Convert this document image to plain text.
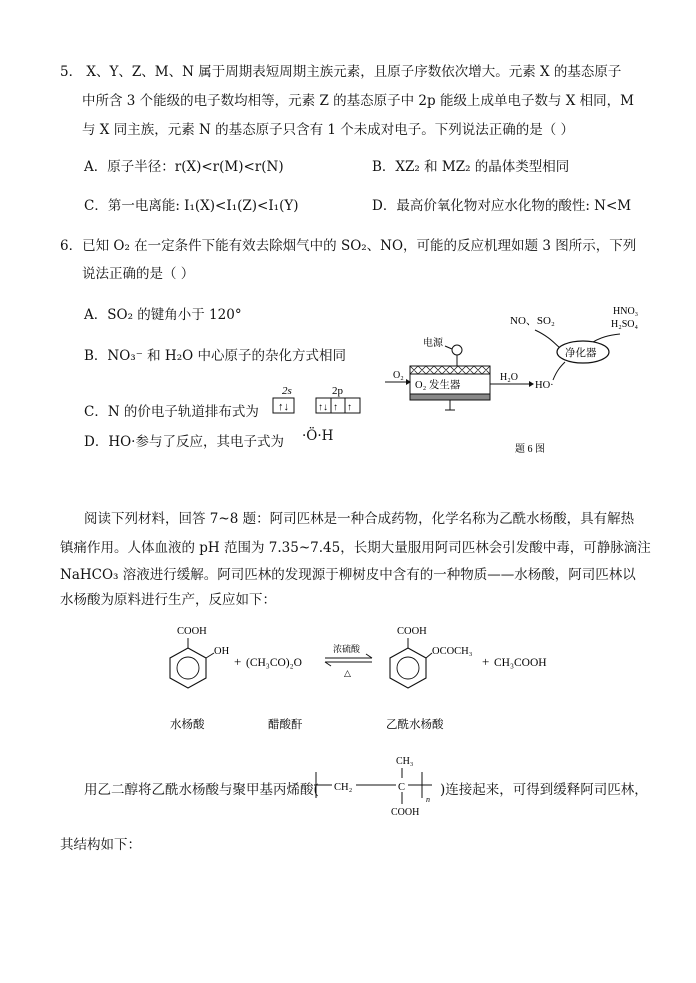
5． X、Y、Z、M、N 属于周期表短周期主族元素，且原子序数依次增大。元素 X 的基态原子
中所含 3 个能级的电子数均相等，元素 Z 的基态原子中 2p 能级上成单电子数与 X 相同，M
与 X 同主族，元素 N 的基态原子只含有 1 个未成对电子。下列说法正确的是（ ）
A．原子半径：r(X)<r(M)<r(N)	B．XZ₂ 和 MZ₂ 的晶体类型相同
C．第一电离能: I₁(X)<I₁(Z)<I₁(Y)	D．最高价氧化物对应水化物的酸性: N<M
6．已知 O₂ 在一定条件下能有效去除烟气中的 SO₂、NO，可能的反应机理如题 3 图所示，下列
说法正确的是（ ）
A．SO₂ 的键角小于 120°
B．NO₃⁻ 和 H₂O 中心原子的杂化方式相同
C．N 的价电子轨道排布式为
D．HO·参与了反应，其电子式为
2s	2p
↑↓	↑↓ ↑ ↑
·Ö·H
NO、SO₂
HNO₃
H₂SO₄
净化器
电源
O₂ 发生器
O₂	H₂O
HO·
题 6 图
阅读下列材料，回答 7~8 题：阿司匹林是一种合成药物，化学名称为乙酰水杨酸，具有解热
镇痛作用。人体血液的 pH 范围为 7.35~7.45，长期大量服用阿司匹林会引发酸中毒，可静脉滴注
NaHCO₃ 溶液进行缓解。阿司匹林的发现源于柳树皮中含有的一种物质——水杨酸，阿司匹林以
水杨酸为原料进行生产，反应如下：
COOH
OH
+ (CH₃CO)₂O
浓硫酸
△
COOH
OCOCH₃
+ CH₃COOH
水杨酸	醋酸酐	乙酰水杨酸
用乙二醇将乙酰水杨酸与聚甲基丙烯酸(
CH₃
CH₂	C
n
COOH
)连接起来，可得到缓释阿司匹林，
其结构如下：
